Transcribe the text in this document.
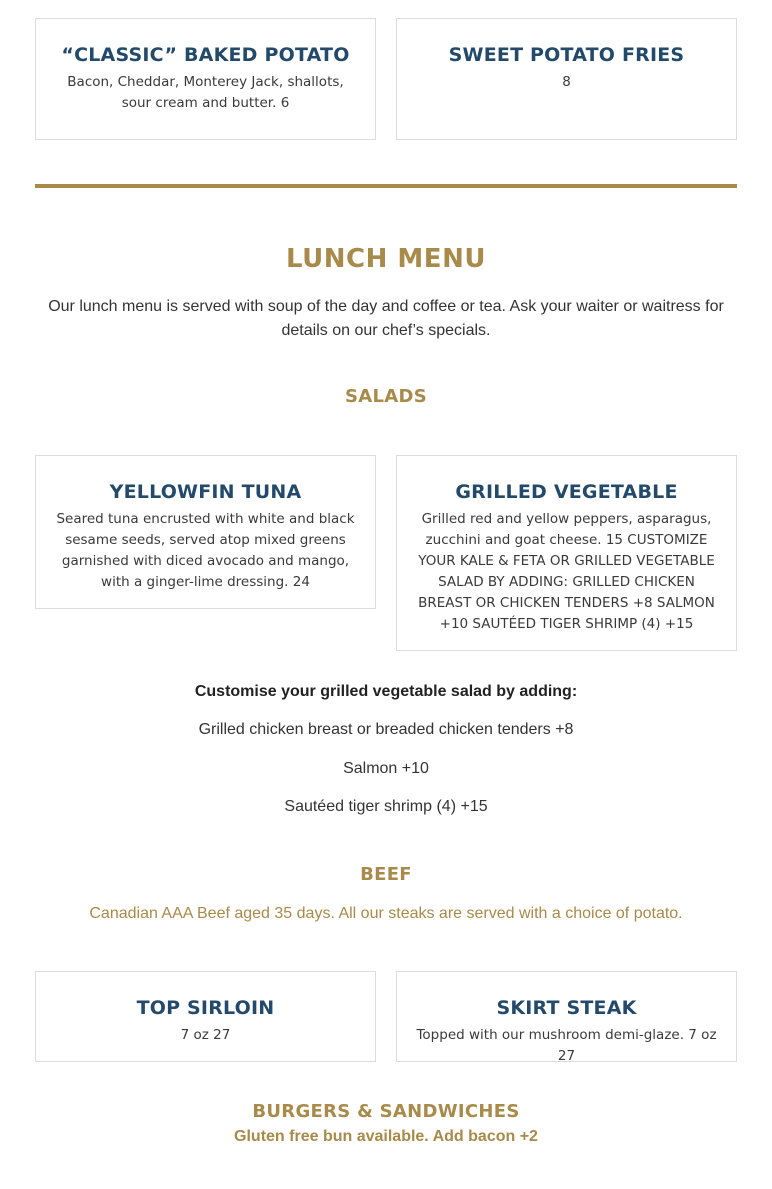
“CLASSIC” BAKED POTATO
Bacon, Cheddar, Monterey Jack, shallots, sour cream and butter. 6
SWEET POTATO FRIES
8
LUNCH MENU
Our lunch menu is served with soup of the day and coffee or tea. Ask your waiter or waitress for details on our chef’s specials.
SALADS
YELLOWFIN TUNA
Seared tuna encrusted with white and black sesame seeds, served atop mixed greens garnished with diced avocado and mango, with a ginger-lime dressing. 24
GRILLED VEGETABLE
Grilled red and yellow peppers, asparagus, zucchini and goat cheese. 15 CUSTOMIZE YOUR KALE & FETA OR GRILLED VEGETABLE SALAD BY ADDING: GRILLED CHICKEN BREAST OR CHICKEN TENDERS +8 SALMON +10 SAUTÉED TIGER SHRIMP (4) +15
Customise your grilled vegetable salad by adding:
Grilled chicken breast or breaded chicken tenders +8
Salmon +10
Sautéed tiger shrimp (4) +15
BEEF
Canadian AAA Beef aged 35 days. All our steaks are served with a choice of potato.
TOP SIRLOIN
7 oz 27
SKIRT STEAK
Topped with our mushroom demi-glaze. 7 oz 27
BURGERS & SANDWICHES
Gluten free bun available. Add bacon +2
